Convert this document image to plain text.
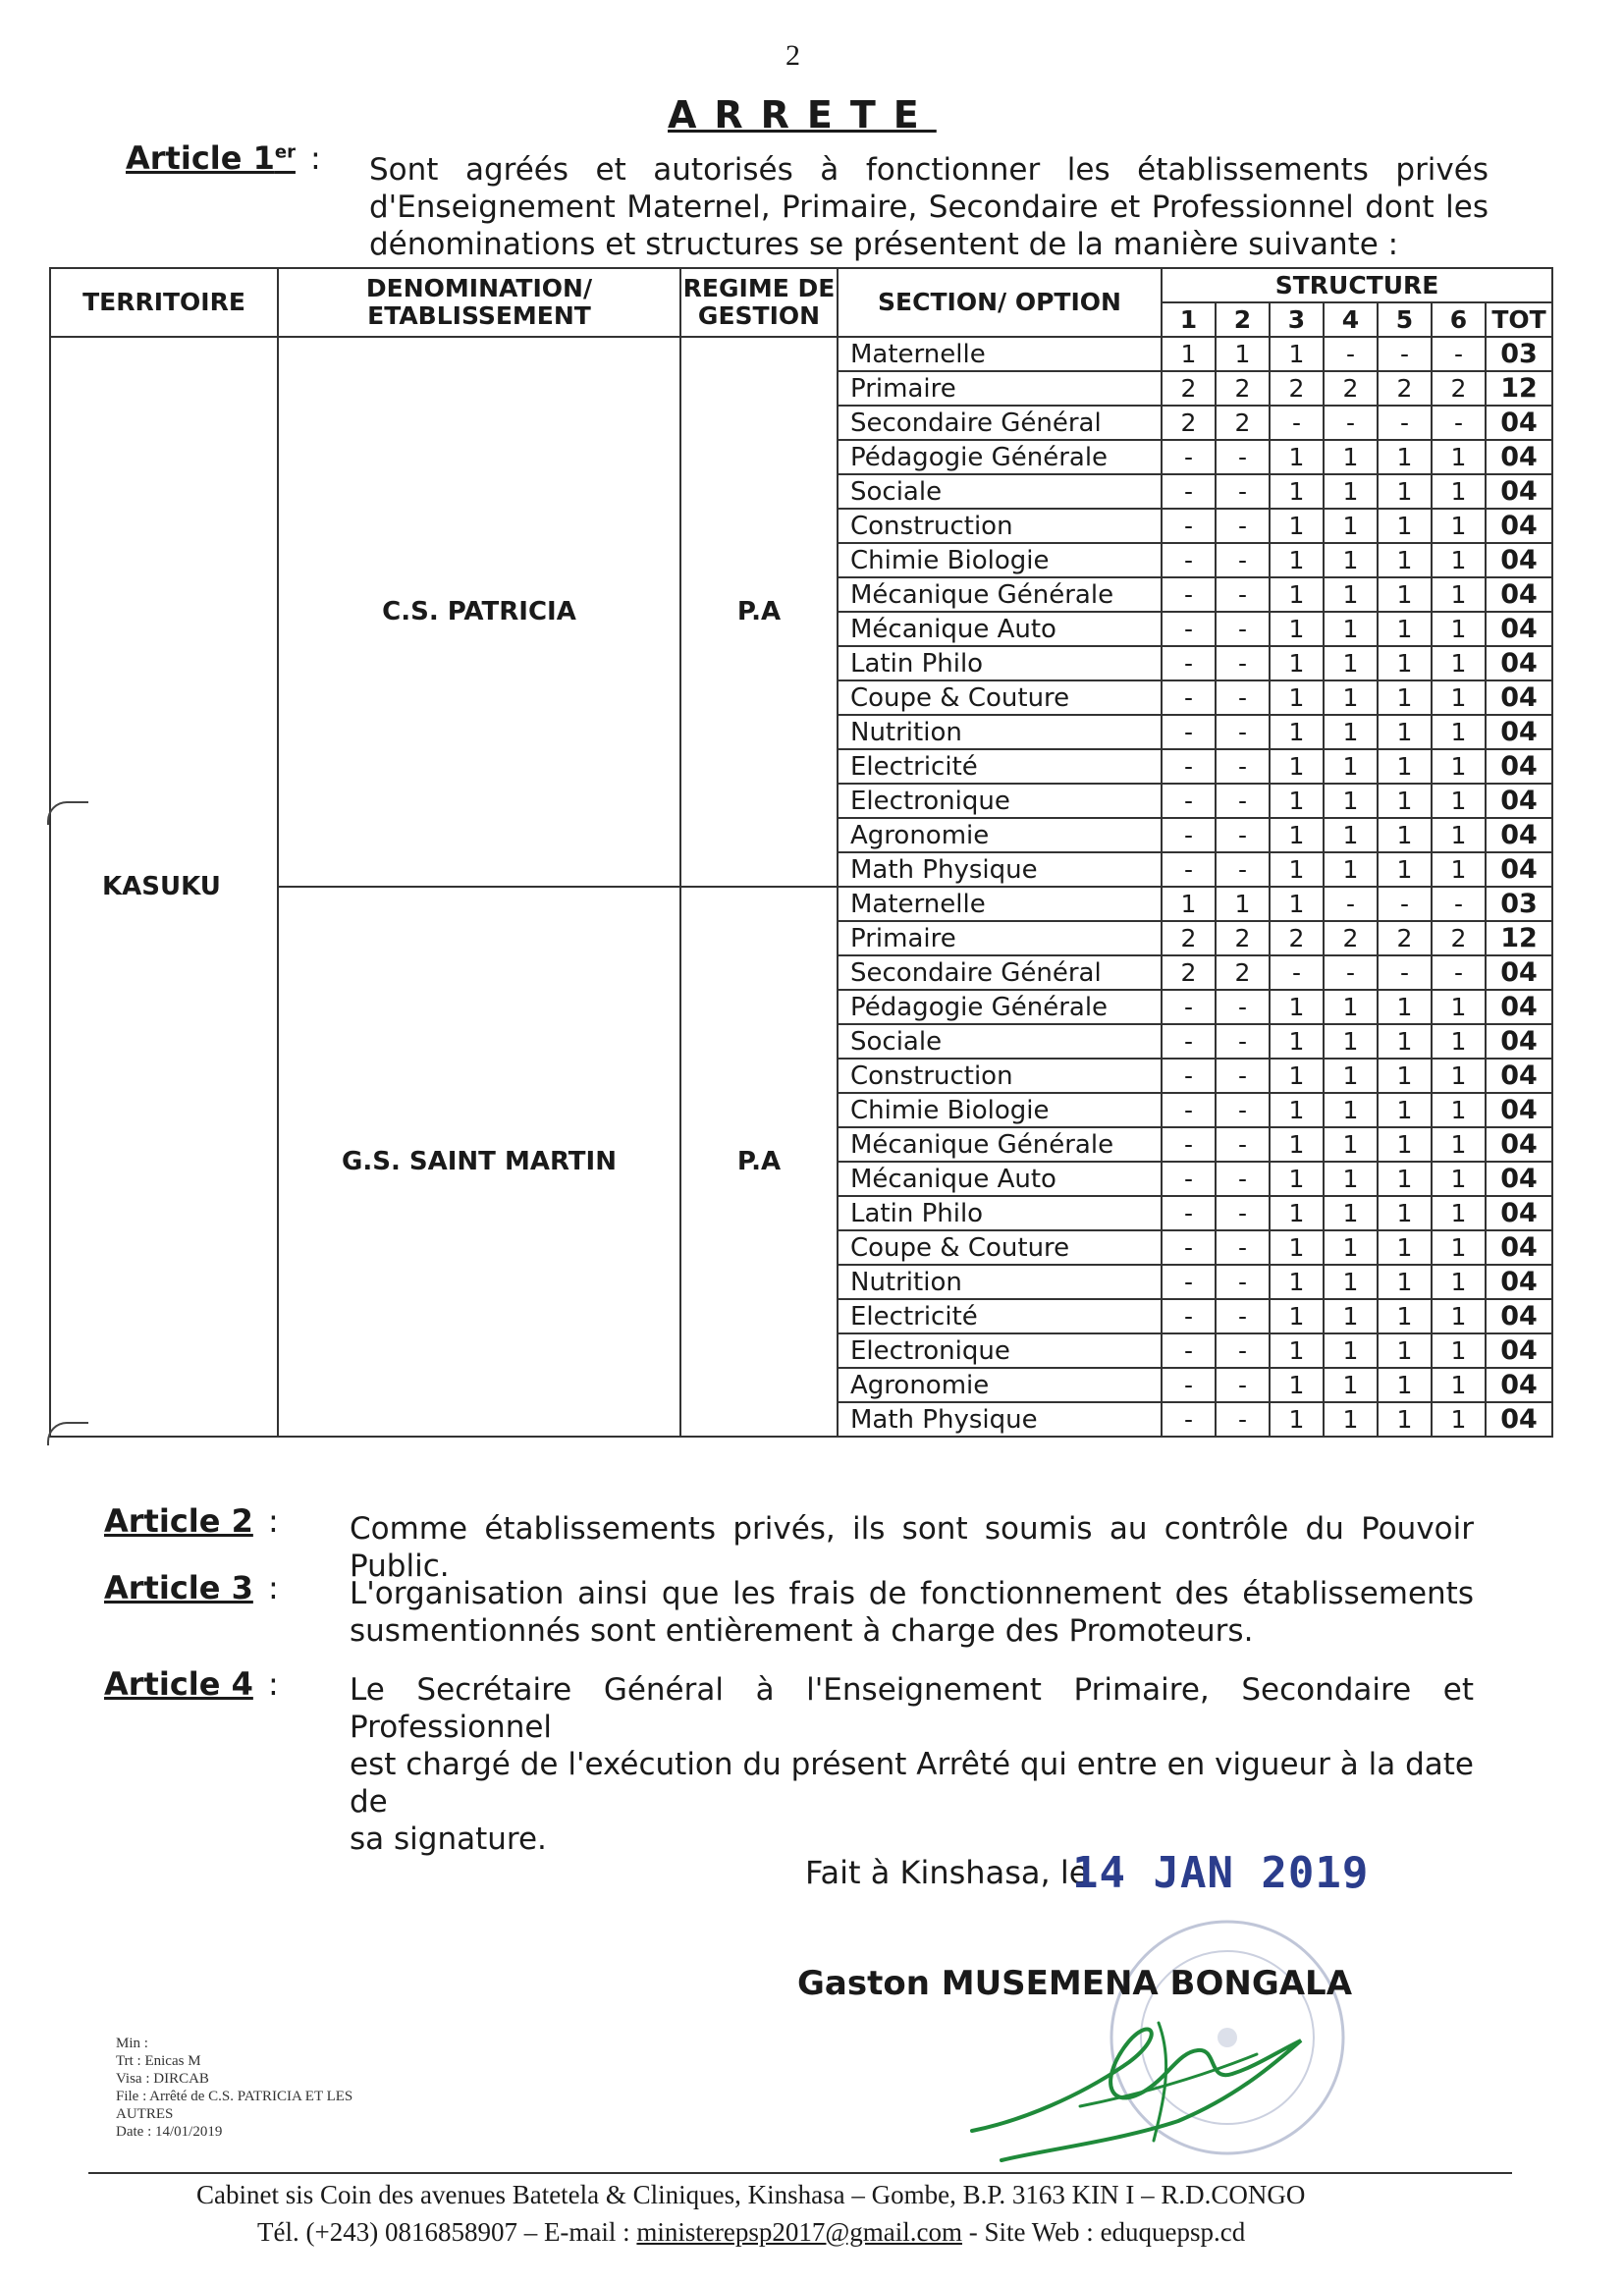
2
ARRETE
Article 1er : Sont agréés et autorisés à fonctionner les établissements privés
d'Enseignement Maternel, Primaire, Secondaire et Professionnel dont les
dénominations et structures se présentent de la manière suivante :
TERRITOIRE	DENOMINATION/ ETABLISSEMENT	REGIME DE GESTION	SECTION/ OPTION	STRUCTURE						
				1	2	3	4	5	6	TOT
KASUKU	C.S. PATRICIA	P.A	Maternelle	1	1	1	-	-	-	03
			Primaire	2	2	2	2	2	2	12
			Secondaire Général	2	2	-	-	-	-	04
			Pédagogie Générale	-	-	1	1	1	1	04
			Sociale	-	-	1	1	1	1	04
			Construction	-	-	1	1	1	1	04
			Chimie Biologie	-	-	1	1	1	1	04
			Mécanique Générale	-	-	1	1	1	1	04
			Mécanique Auto	-	-	1	1	1	1	04
			Latin Philo	-	-	1	1	1	1	04
			Coupe & Couture	-	-	1	1	1	1	04
			Nutrition	-	-	1	1	1	1	04
			Electricité	-	-	1	1	1	1	04
			Electronique	-	-	1	1	1	1	04
			Agronomie	-	-	1	1	1	1	04
			Math Physique	-	-	1	1	1	1	04
	G.S. SAINT MARTIN	P.A	Maternelle	1	1	1	-	-	-	03
			Primaire	2	2	2	2	2	2	12
			Secondaire Général	2	2	-	-	-	-	04
			Pédagogie Générale	-	-	1	1	1	1	04
			Sociale	-	-	1	1	1	1	04
			Construction	-	-	1	1	1	1	04
			Chimie Biologie	-	-	1	1	1	1	04
			Mécanique Générale	-	-	1	1	1	1	04
			Mécanique Auto	-	-	1	1	1	1	04
			Latin Philo	-	-	1	1	1	1	04
			Coupe & Couture	-	-	1	1	1	1	04
			Nutrition	-	-	1	1	1	1	04
			Electricité	-	-	1	1	1	1	04
			Electronique	-	-	1	1	1	1	04
			Agronomie	-	-	1	1	1	1	04
			Math Physique	-	-	1	1	1	1	04
Article 2 : Comme établissements privés, ils sont soumis au contrôle du Pouvoir Public.
Article 3 : L'organisation ainsi que les frais de fonctionnement des établissements
susmentionnés sont entièrement à charge des Promoteurs.
Article 4 : Le Secrétaire Général à l'Enseignement Primaire, Secondaire et Professionnel
est chargé de l'exécution du présent Arrêté qui entre en vigueur à la date de
sa signature.
Fait à Kinshasa, le
14 JAN 2019
Gaston MUSEMENA BONGALA
Min :
Trt : Enicas M
Visa : DIRCAB
File : Arrêté de C.S. PATRICIA ET LES
AUTRES
Date : 14/01/2019
Cabinet sis Coin des avenues Batetela & Cliniques, Kinshasa – Gombe, B.P. 3163 KIN I – R.D.CONGO
Tél. (+243) 0816858907 – E-mail : ministerepsp2017@gmail.com - Site Web : eduquepsp.cd
